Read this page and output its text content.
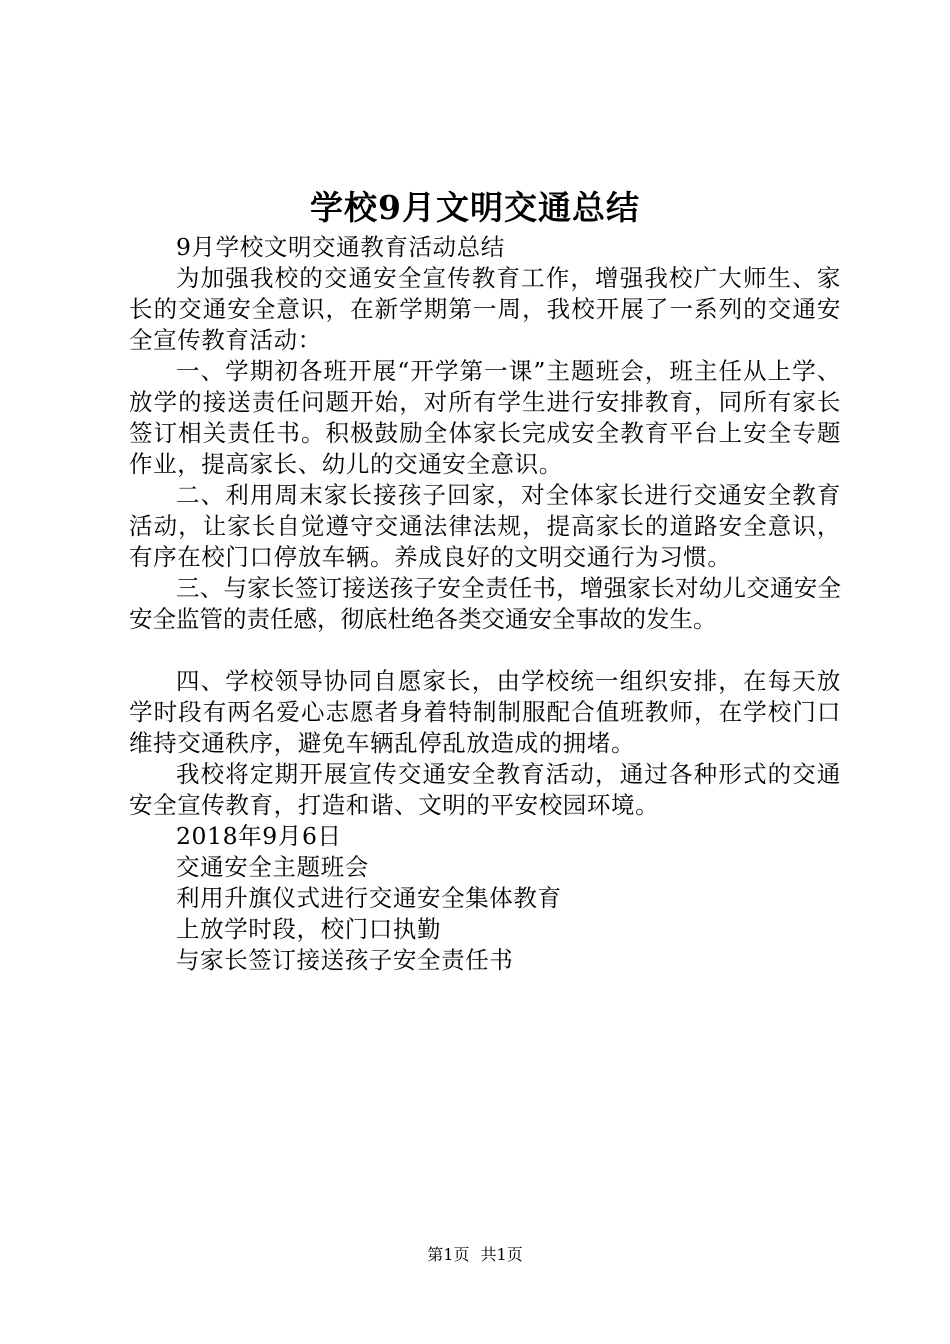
学校9月文明交通总结

9月学校文明交通教育活动总结

为加强我校的交通安全宣传教育工作，增强我校广大师生、家长的交通安全意识，在新学期第一周，我校开展了一系列的交通安全宣传教育活动：

一、学期初各班开展“开学第一课”主题班会，班主任从上学、放学的接送责任问题开始，对所有学生进行安排教育，同所有家长签订相关责任书。积极鼓励全体家长完成安全教育平台上安全专题作业，提高家长、幼儿的交通安全意识。

二、利用周末家长接孩子回家，对全体家长进行交通安全教育活动，让家长自觉遵守交通法律法规，提高家长的道路安全意识，有序在校门口停放车辆。养成良好的文明交通行为习惯。

三、与家长签订接送孩子安全责任书，增强家长对幼儿交通安全安全监管的责任感，彻底杜绝各类交通安全事故的发生。

四、学校领导协同自愿家长，由学校统一组织安排，在每天放学时段有两名爱心志愿者身着特制制服配合值班教师，在学校门口维持交通秩序，避免车辆乱停乱放造成的拥堵。

我校将定期开展宣传交通安全教育活动，通过各种形式的交通安全宣传教育，打造和谐、文明的平安校园环境。

2018年9月6日

交通安全主题班会

利用升旗仪式进行交通安全集体教育

上放学时段，校门口执勤

与家长签订接送孩子安全责任书

第1页 共1页
